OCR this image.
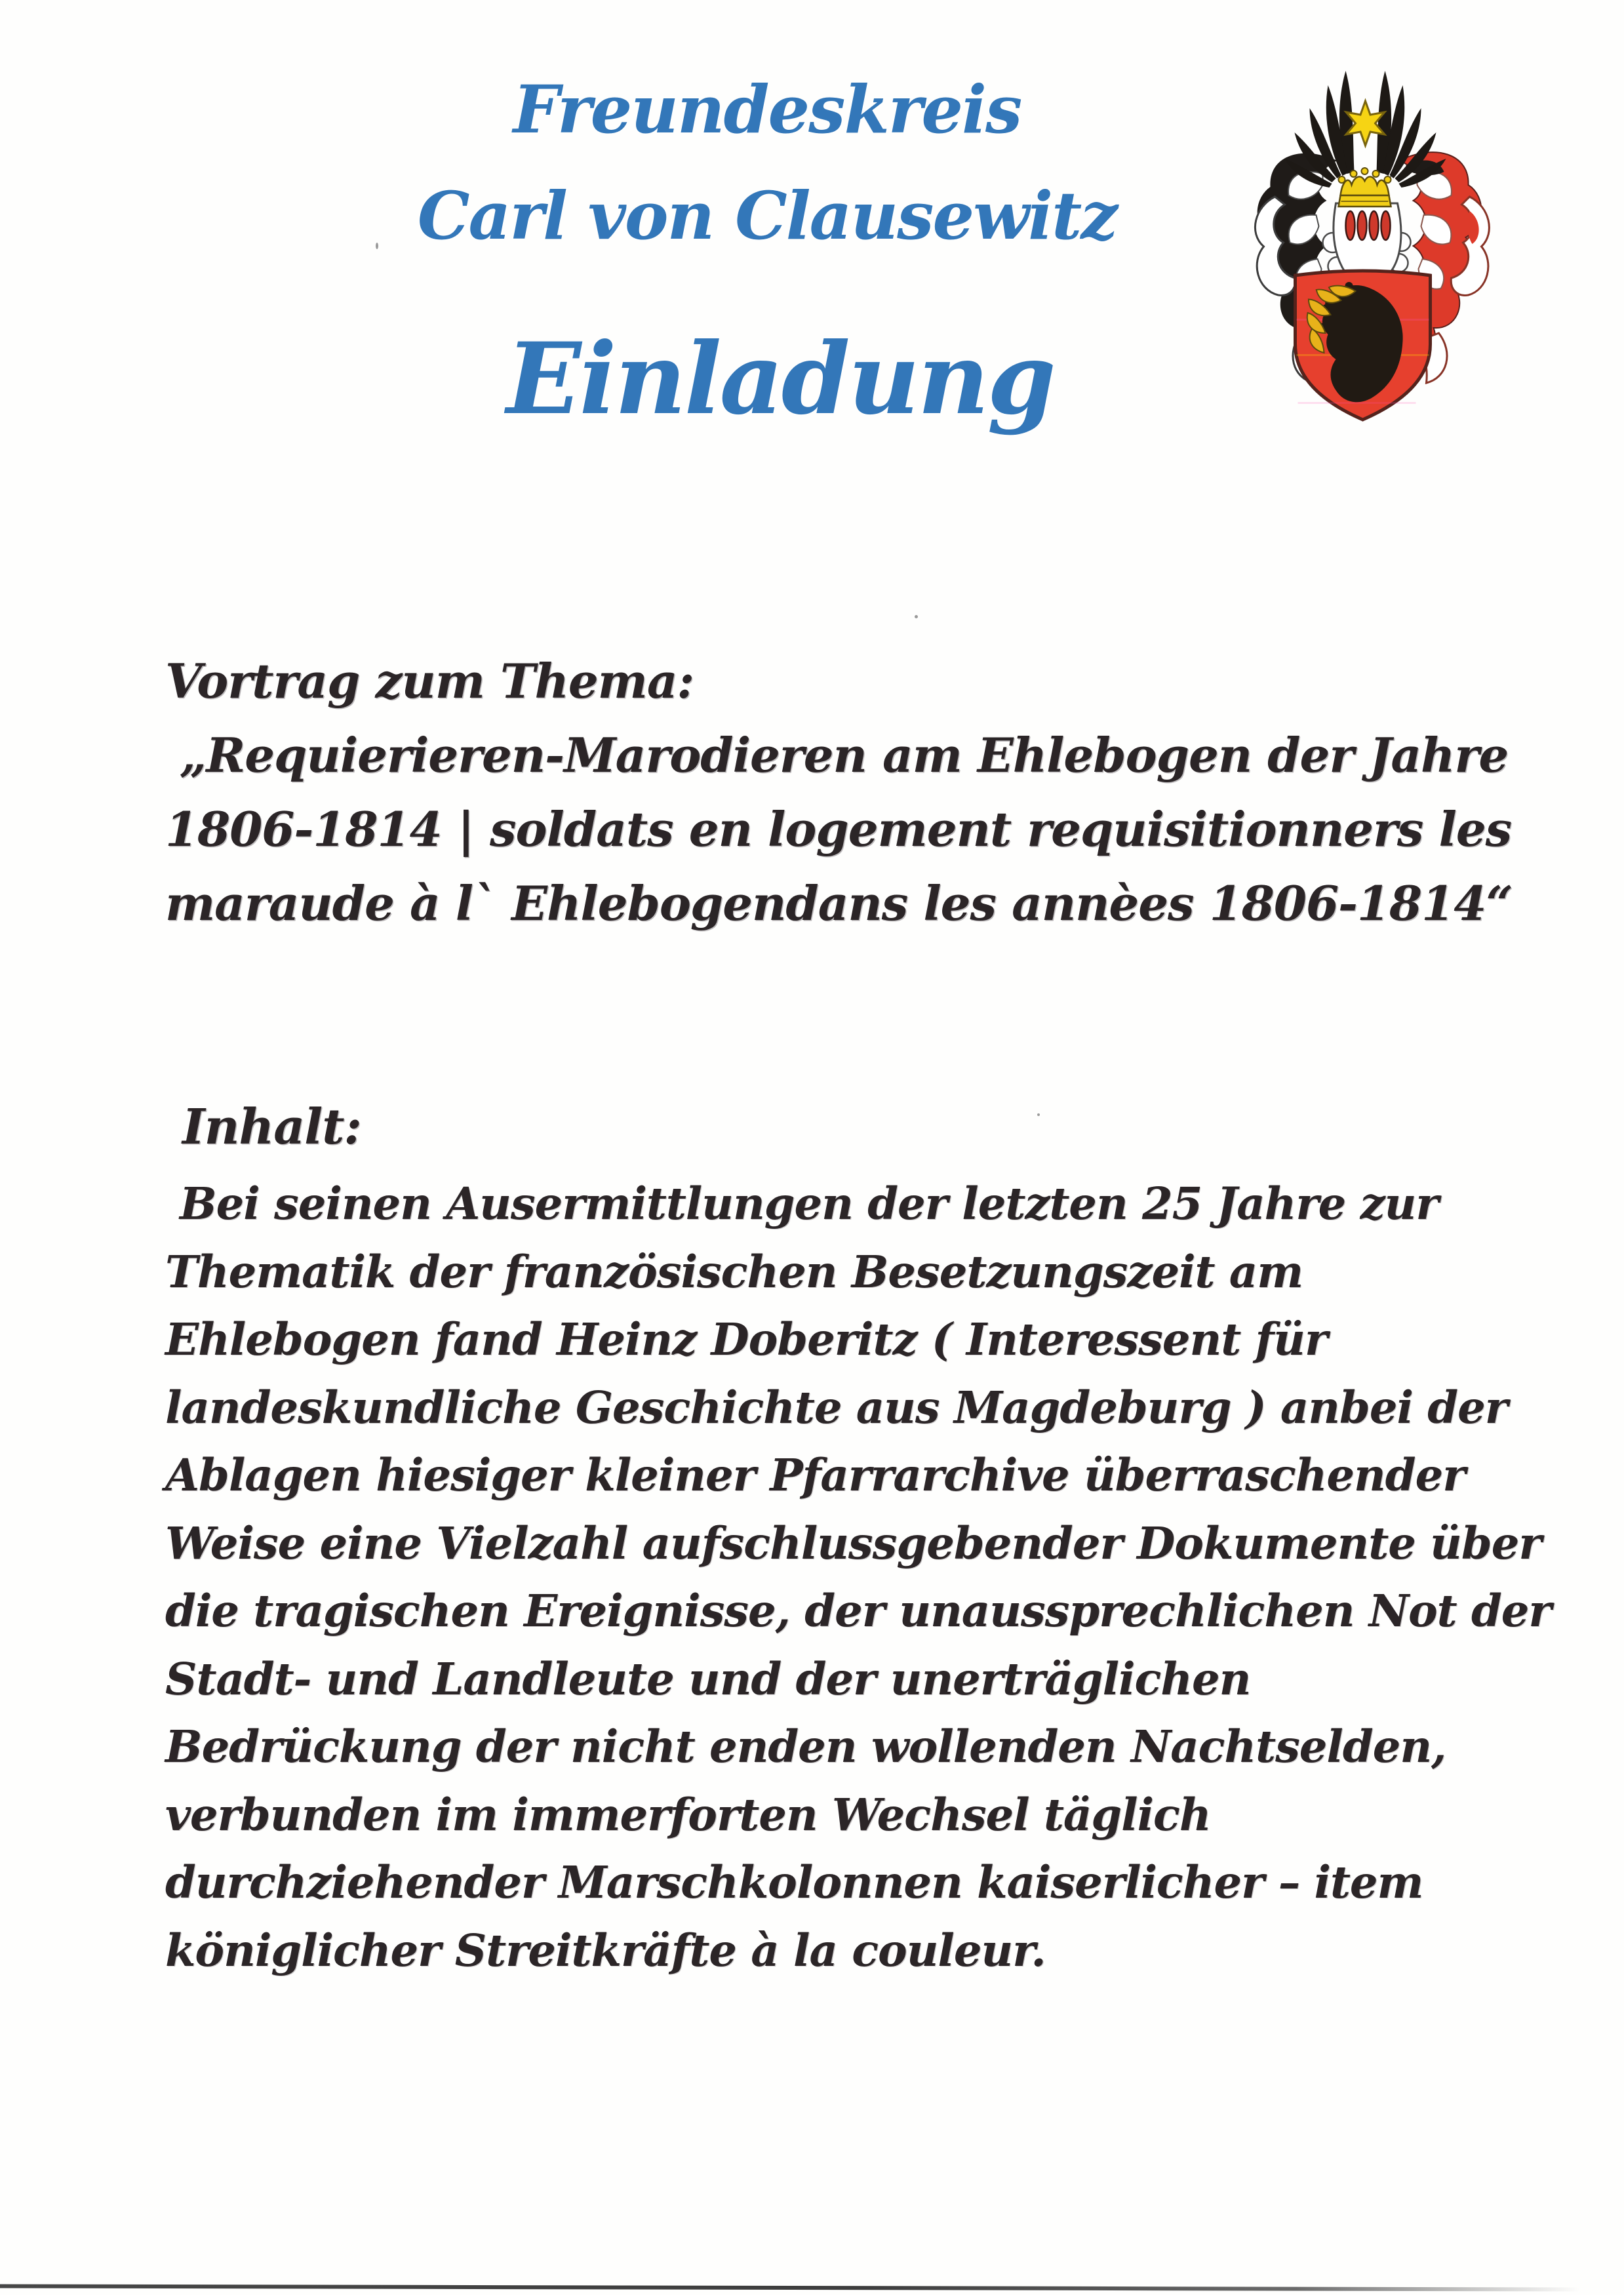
Freundeskreis
Carl von Clausewitz
Einladung
Vortrag zum Thema:
„Requierieren-Marodieren am Ehlebogen der Jahre
1806-1814 | soldats en logement requisitionners les
maraude à l` Ehlebogendans les annèes 1806-1814“
Inhalt:
Bei seinen Ausermittlungen der letzten 25 Jahre zur
Thematik der französischen Besetzungszeit am
Ehlebogen fand Heinz Doberitz ( Interessent für
landeskundliche Geschichte aus Magdeburg ) anbei der
Ablagen hiesiger kleiner Pfarrarchive überraschender
Weise eine Vielzahl aufschlussgebender Dokumente über
die tragischen Ereignisse, der unaussprechlichen Not der
Stadt- und Landleute und der unerträglichen
Bedrückung der nicht enden wollenden Nachtselden,
verbunden im immerforten Wechsel täglich
durchziehender Marschkolonnen kaiserlicher – item
königlicher Streitkräfte à la couleur.
